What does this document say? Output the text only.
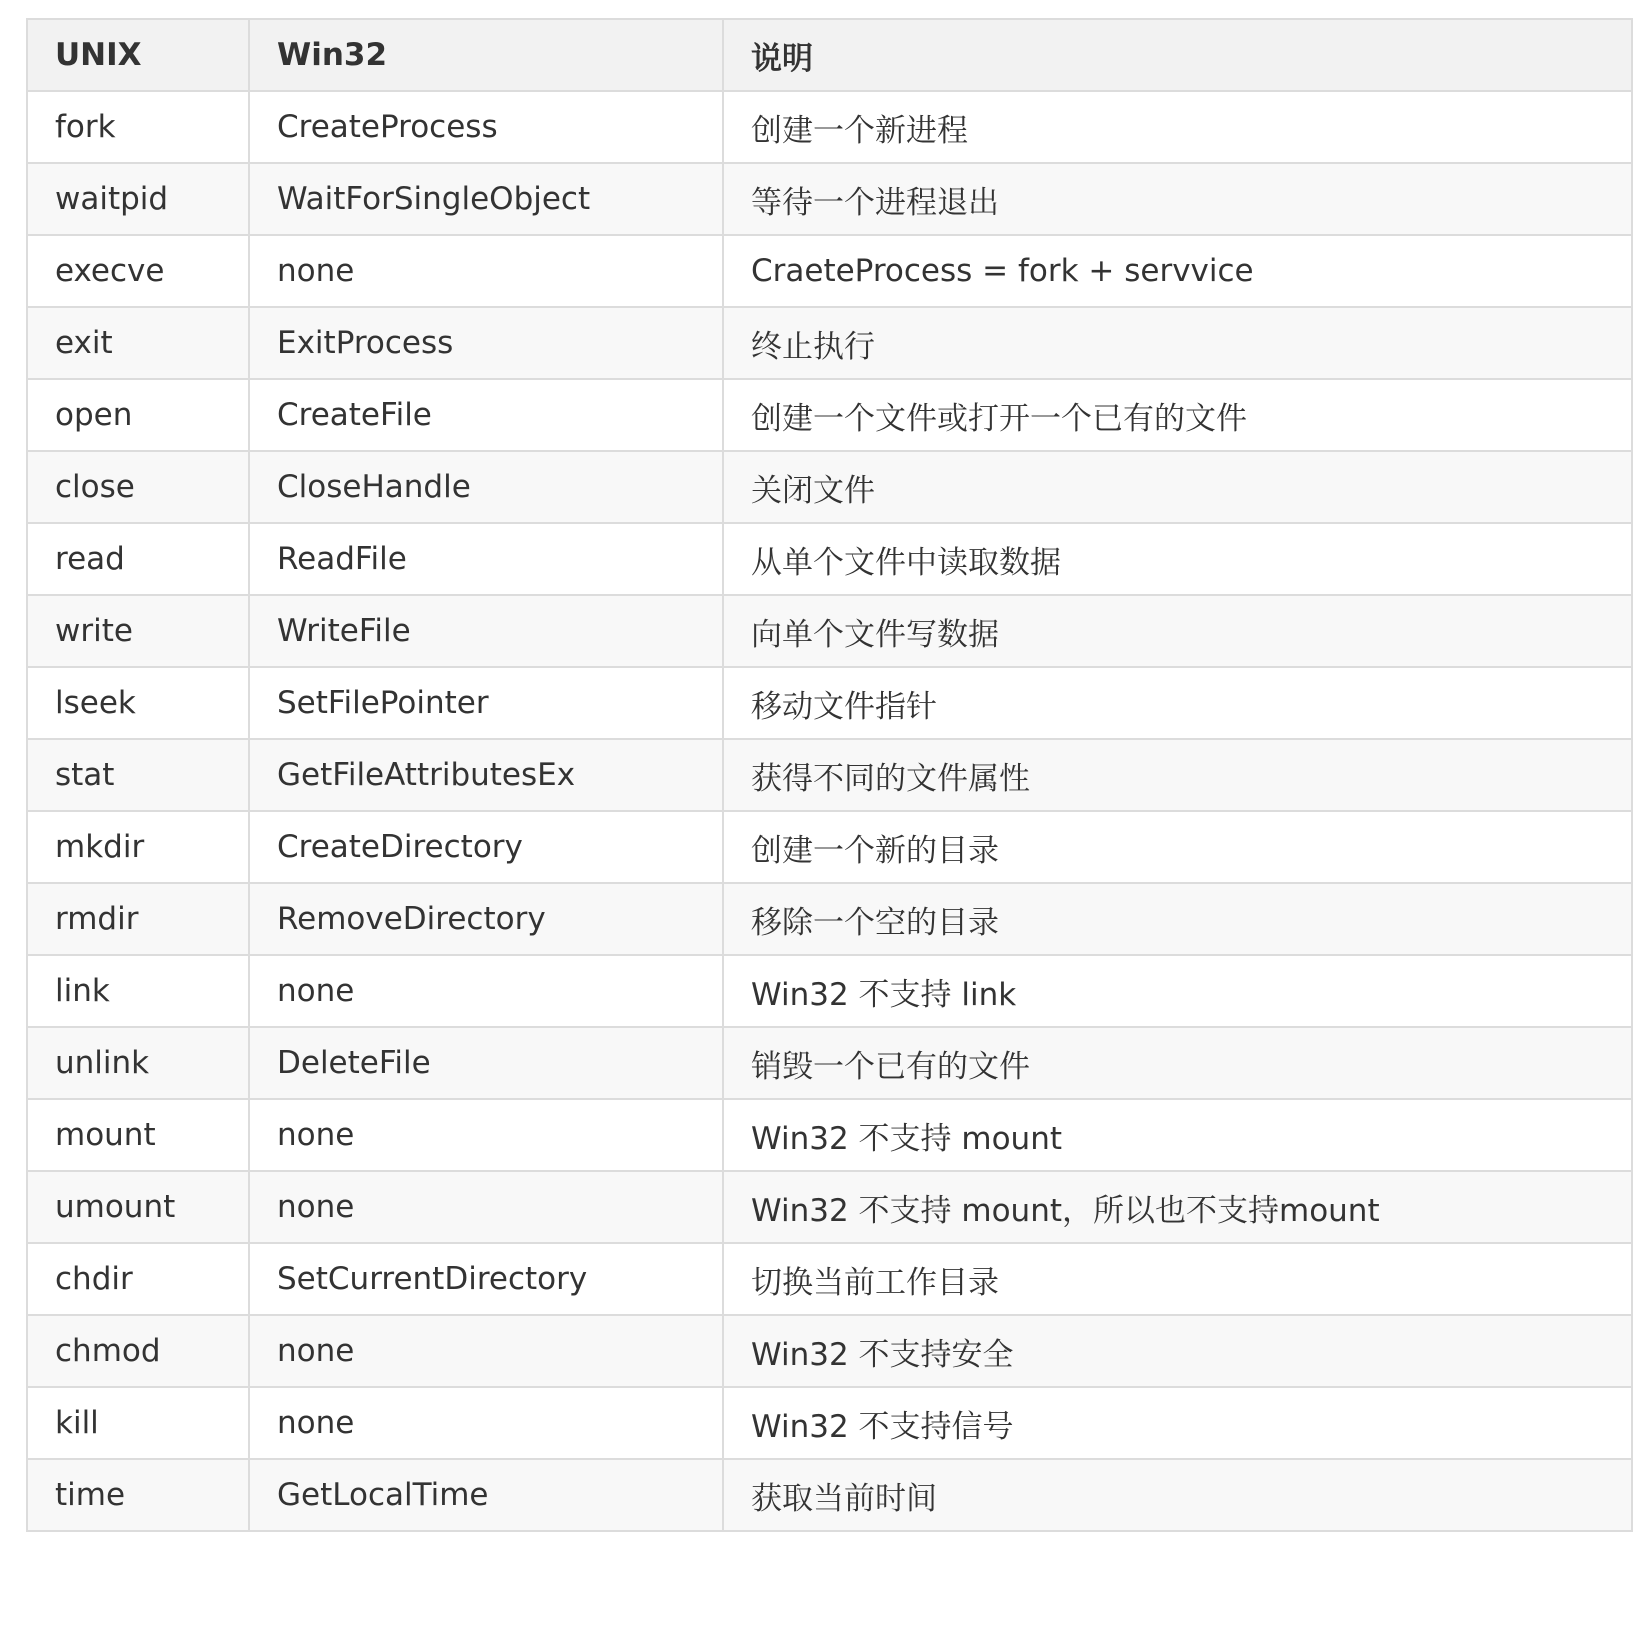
UNIX	Win32	说明
fork	CreateProcess	创建一个新进程
waitpid	WaitForSingleObject	等待一个进程退出
execve	none	CraeteProcess = fork + servvice
exit	ExitProcess	终止执行
open	CreateFile	创建一个文件或打开一个已有的文件
close	CloseHandle	关闭文件
read	ReadFile	从单个文件中读取数据
write	WriteFile	向单个文件写数据
lseek	SetFilePointer	移动文件指针
stat	GetFileAttributesEx	获得不同的文件属性
mkdir	CreateDirectory	创建一个新的目录
rmdir	RemoveDirectory	移除一个空的目录
link	none	Win32 不支持 link
unlink	DeleteFile	销毁一个已有的文件
mount	none	Win32 不支持 mount
umount	none	Win32 不支持 mount，所以也不支持mount
chdir	SetCurrentDirectory	切换当前工作目录
chmod	none	Win32 不支持安全
kill	none	Win32 不支持信号
time	GetLocalTime	获取当前时间
